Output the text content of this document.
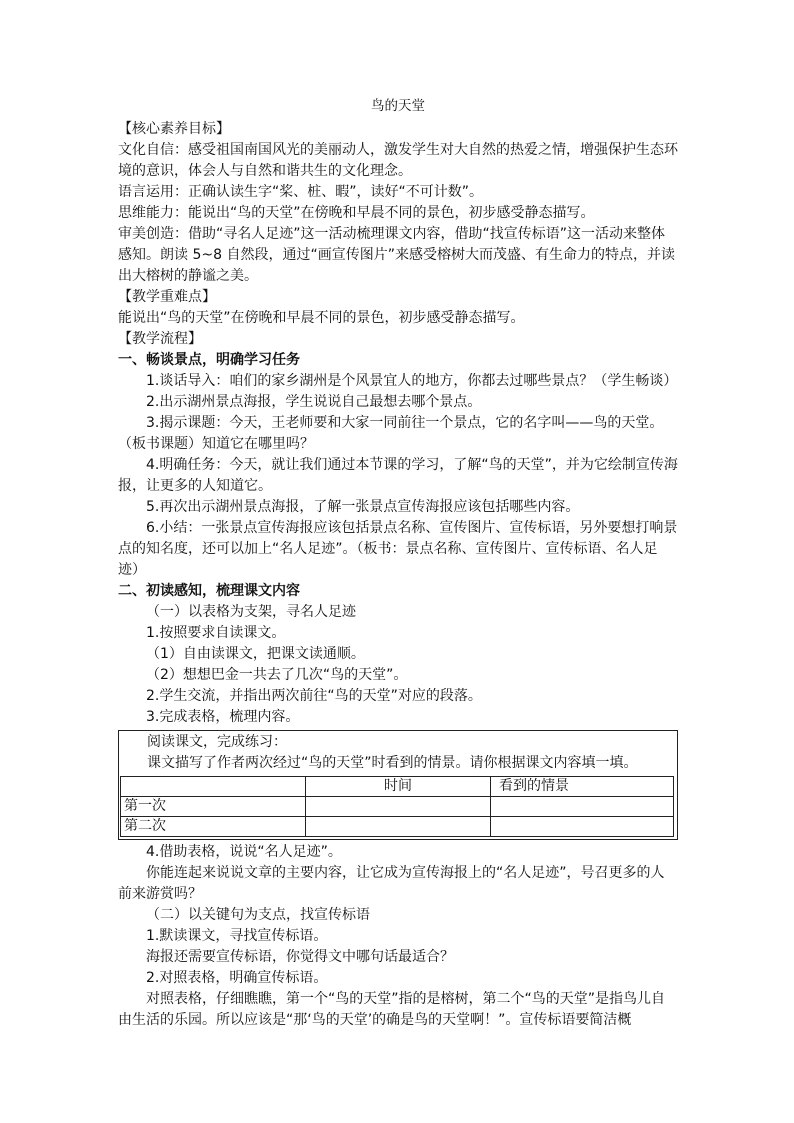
鸟的天堂

【核心素养目标】

文化自信：感受祖国南国风光的美丽动人，激发学生对大自然的热爱之情，增强保护生态环境的意识，体会人与自然和谐共生的文化理念。

语言运用：正确认读生字“桨、桩、暇”，读好“不可计数”。

思维能力：能说出“鸟的天堂”在傍晚和早晨不同的景色，初步感受静态描写。

审美创造：借助“寻名人足迹”这一活动梳理课文内容，借助“找宣传标语”这一活动来整体感知。朗读 5~8 自然段，通过“画宣传图片”来感受榕树大而茂盛、有生命力的特点，并读出大榕树的静谧之美。

【教学重难点】

能说出“鸟的天堂”在傍晚和早晨不同的景色，初步感受静态描写。

【教学流程】

一、畅谈景点，明确学习任务

1.谈话导入：咱们的家乡湖州是个风景宜人的地方，你都去过哪些景点？（学生畅谈）

2.出示湖州景点海报，学生说说自己最想去哪个景点。

3.揭示课题：今天，王老师要和大家一同前往一个景点，它的名字叫——鸟的天堂。（板书课题）知道它在哪里吗？

4.明确任务：今天，就让我们通过本节课的学习，了解“鸟的天堂”，并为它绘制宣传海报，让更多的人知道它。

5.再次出示湖州景点海报，了解一张景点宣传海报应该包括哪些内容。

6.小结：一张景点宣传海报应该包括景点名称、宣传图片、宣传标语，另外要想打响景点的知名度，还可以加上“名人足迹”。（板书：景点名称、宣传图片、宣传标语、名人足迹）

二、初读感知，梳理课文内容

（一）以表格为支架，寻名人足迹

1.按照要求自读课文。

（1）自由读课文，把课文读通顺。

（2）想想巴金一共去了几次“鸟的天堂”。

2.学生交流，并指出两次前往“鸟的天堂”对应的段落。

3.完成表格，梳理内容。

阅读课文，完成练习：

课文描写了作者两次经过“鸟的天堂”时看到的情景。请你根据课文内容填一填。

	时间	看到的情景
第一次		
第二次		

4.借助表格，说说“名人足迹”。

你能连起来说说文章的主要内容，让它成为宣传海报上的“名人足迹”，号召更多的人前来游赏吗？

（二）以关键句为支点，找宣传标语

1.默读课文，寻找宣传标语。

海报还需要宣传标语，你觉得文中哪句话最适合？

2.对照表格，明确宣传标语。

对照表格，仔细瞧瞧，第一个“鸟的天堂”指的是榕树，第二个“鸟的天堂”是指鸟儿自由生活的乐园。所以应该是“那‘鸟的天堂’的确是鸟的天堂啊！”。宣传标语要简洁概
